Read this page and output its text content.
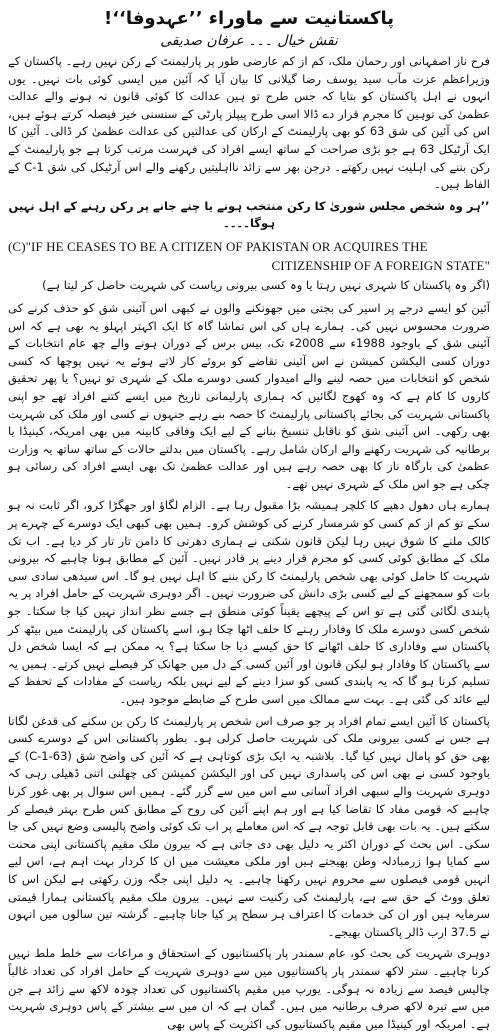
پاکستانیت سے ماوراء ’’عہدوفا‘‘!
نقش خیال ۔۔۔ عرفان صدیقی

فرح ناز اصفہانی اور رحمان ملک، کم از کم عارضی طور پر پارلیمنٹ کے رکن نہیں رہے۔ پاکستان کے وزیراعظم عزت مآب سید یوسف رضا گیلانی کا بیان آیا کہ آئین میں ایسی کوئی بات نہیں۔ یوں انہوں نے اہل پاکستان کو بتایا کہ جس طرح تو ہین عدالت کا کوئی قانون نہ ہونے والے عدالت عظمیٰ کی توہین کا مجرم قرار دے ڈالا اسی طرح پیپلز پارٹی کے سنسنی خیز فیصلہ کرتے ہوئے ہیں، اس کی آئین کی شق 63 کو بھی پارلیمنٹ کے ارکان کی عدالتیں کی عدالت عظمیٰ کر ڈالی۔ آئین کا ایک آرٹیکل 63 ہے جو بڑی صراحت کے ساتھ ایسے افراد کی فہرست مرتب کرتا ہے جو پارلیمنٹ کے رکن بننے کی اہلیت نہیں رکھتے۔ درجن بھر سے زائد نااہلیتیں رکھنے والے اس آرٹیکل کی شق C-1 کے الفاظ ہیں۔

’’ہر وہ شخص مجلس شوریٰ کا رکن منتخب ہونے یا چنے جانے پر رکن رہنے کے اہل نہیں ہوگا۔۔۔۔

(C)"IF HE CEASES TO BE A CITIZEN OF PAKISTAN OR ACQUIRES THE
CITIZENSHIP OF A FOREIGN STATE"

(اگر وہ پاکستان کا شہری نہیں رہتا یا وہ کسی بیرونی ریاست کی شہریت حاصل کر لیتا ہے)

آئین کو ایسے درجے پر اسیر کی بجتی میں جھونکنے والوں نے کبھی اس آئینی شق کو حذف کرنے کی ضرورت محسوس نہیں کی۔ ہمارے ہاں کی اس تماشا گاہ کا ایک اکہتر اپہلو یہ بھی ہے کہ اس آئینی شق کے باوجود 1988ء سے 2008ء تک، بیس برس کے دوران ہونے والے چھ عام انتخابات کے دوران کسی الیکشن کمیشن نے اس آئینی تقاضے کو بروئے کار لاتے ہوئے یہ نہیں پوچھا کہ کسی شخص کو انتخابات میں حصہ لینے والے امیدوار کسی دوسرے ملک کے شہری تو نہیں؟ یا پھر تحقیق کاروں کا کام ہے کہ وہ کھوج لگائیں کہ ہماری پارلیمانی تاریخ میں ایسے کتنے افراد تھے جو اپنی پاکستانی شہریت کی بجائے پاکستانی پارلیمنٹ کا حصہ بنے رہے جنہوں نے کسی اور ملک کی شہریت بھی رکھی۔ اس آئینی شق کو ناقابل تنسیخ بنانے کے لیے ایک وفاقی کابینہ میں بھی امریکہ، کینیڈا یا برطانیہ کی شہریت رکھنے والے ارکان شامل رہے۔ پاکستان میں بدلتے حالات کے ساتھ ساتھ یہ وزارت عظمیٰ کی بارگاہ ناز کا بھی حصہ رہے ہیں اور عدالت عظمیٰ تک بھی ایسے افراد کی رسائی ہو چکی ہے جو اس ملک کے شہری نہیں تھے۔

ہمارے ہاں دھول دھپے کا کلچر ہمیشہ بڑا مقبول رہا ہے۔ الزام لگاؤ اور جھگڑا کرو، اگر ثابت نہ ہو سکے تو کم از کم کسی کو شرمسار کرنے کی کوشش کرو۔ ہمیں بھی کبھی ایک دوسرے کے چہرے پر کالک ملنے کا شوق نہیں رہا لیکن قانون شکنی نے ہماری دھرتی کا دامن تار تار کر دیا ہے۔ اب تک ملک کے مطابق کوئی کسی کو مجرم قرار دینے پر قادر نہیں۔ آئین کے مطابق ہونا چاہیے کہ بیرونی شہریت کا حامل کوئی بھی شخص پارلیمنٹ کا رکن بننے کا اہل نہیں ہو گا۔ اس سیدھی سادی سی بات کو سمجھنے کے لیے کسی بڑی دانش کی ضرورت نہیں۔ اگر دوہری شہریت کے حامل افراد پر یہ پابندی لگائی گئی ہے تو اس کے پیچھے یقیناً کوئی منطق ہے جسے نظر انداز نہیں کیا جا سکتا۔ جو شخص کسی دوسرے ملک کا وفادار رہنے کا حلف اٹھا چکا ہو، اسے پاکستان کی پارلیمنٹ میں بیٹھ کر پاکستان سے وفاداری کا حلف اٹھانے کا حق کیسے دیا جا سکتا ہے؟ یہ ممکن ہے کہ ایسا شخص دل سے پاکستان کا وفادار ہو لیکن قانون اور آئین کسی کے دل میں جھانک کر فیصلے نہیں کرتے۔ ہمیں یہ تسلیم کرنا ہو گا کہ یہ پابندی کسی کو سزا دینے کے لیے نہیں بلکہ ریاست کے مفادات کے تحفظ کے لیے عائد کی گئی ہے۔ بہت سے ممالک میں اسی طرح کے ضابطے موجود ہیں۔

پاکستان کا آئین ایسے تمام افراد پر جو صرف اس شخص پر پارلیمنٹ کا رکن بن سکنے کی قدغن لگاتا ہے جس نے کسی بیرونی ملک کی شہریت حاصل کرلی ہو۔ بطور پاکستانی اس کے دوسرے کسی بھی حق کو پامال نہیں کیا گیا۔ بلاشبہ یہ ایک بڑی کوتاہی ہے کہ آئین کی واضح شق (C-1-63) کے باوجود کسی نے بھی اس کی پاسداری نہیں کی اور الیکشن کمیشن کی چھلنی اتنی ڈھیلی رہی کہ دوہری شہریت والے سبھی افراد آسانی سے اس میں سے گزر گئے۔ ہمیں اس سوال پر بھی غور کرنا چاہیے کہ قومی مفاد کا تقاضا کیا ہے اور ہم اپنے آئین کی روح کے مطابق کس طرح بہتر فیصلے کر سکتے ہیں۔ یہ بات بھی قابل توجہ ہے کہ اس معاملے پر اب تک کوئی واضح پالیسی وضع نہیں کی جا سکی۔ اس بحث کے دوران اکثر یہ دلیل بھی دی جاتی ہے کہ بیرون ملک مقیم پاکستانی اپنی محنت سے کمایا ہوا زرمبادلہ وطن بھیجتے ہیں اور ملکی معیشت میں ان کا کردار بہت اہم ہے، اس لیے انہیں قومی فیصلوں سے محروم نہیں رکھنا چاہیے۔ یہ دلیل اپنی جگہ وزن رکھتی ہے لیکن اس کا تعلق ووٹ کے حق سے ہے، پارلیمنٹ کی رکنیت سے نہیں۔ بیرون ملک مقیم پاکستانی ہمارا قیمتی سرمایہ ہیں اور ان کی خدمات کا اعتراف ہر سطح پر کیا جانا چاہیے۔ گزشتہ تین سالوں میں انہوں نے 37.5 ارب ڈالر پاکستان بھیجے۔

دوہری شہریت کی بحث کو، عام سمندر پار پاکستانیوں کے استحقاق و مراعات سے خلط ملط نہیں کرنا چاہیے۔ ستر لاکھ سمندر پار پاکستانیوں میں سے دوہری شہریت کے حامل افراد کی تعداد غالباً چالیس فیصد سے زیادہ نہ ہوگی۔ یورپ میں مقیم پاکستانیوں کی تعداد چودہ لاکھ سے زائد ہے جن میں سے تیرہ لاکھ صرف برطانیہ میں ہیں۔ گمان ہے کہ ان میں سے بیشتر کے پاس دوہری شہریت ہے۔ امریکہ اور کینیڈا میں مقیم پاکستانیوں کی اکثریت کے پاس بھی
